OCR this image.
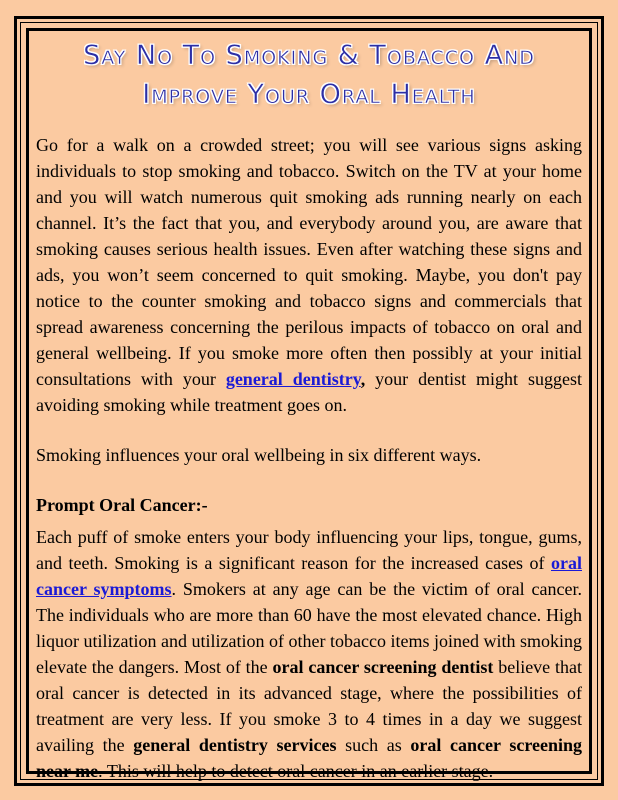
Say No To Smoking & Tobacco And
Improve Your Oral Health

Go for a walk on a crowded street; you will see various signs asking individuals to stop smoking and tobacco. Switch on the TV at your home and you will watch numerous quit smoking ads running nearly on each channel. It’s the fact that you, and everybody around you, are aware that smoking causes serious health issues. Even after watching these signs and ads, you won’t seem concerned to quit smoking. Maybe, you don't pay notice to the counter smoking and tobacco signs and commercials that spread awareness concerning the perilous impacts of tobacco on oral and general wellbeing. If you smoke more often then possibly at your initial consultations with your general dentistry, your dentist might suggest avoiding smoking while treatment goes on.

Smoking influences your oral wellbeing in six different ways.

Prompt Oral Cancer:-

Each puff of smoke enters your body influencing your lips, tongue, gums, and teeth. Smoking is a significant reason for the increased cases of oral cancer symptoms. Smokers at any age can be the victim of oral cancer. The individuals who are more than 60 have the most elevated chance. High liquor utilization and utilization of other tobacco items joined with smoking elevate the dangers. Most of the oral cancer screening dentist believe that oral cancer is detected in its advanced stage, where the possibilities of treatment are very less. If you smoke 3 to 4 times in a day we suggest availing the general dentistry services such as oral cancer screening near me. This will help to detect oral cancer in an earlier stage.
